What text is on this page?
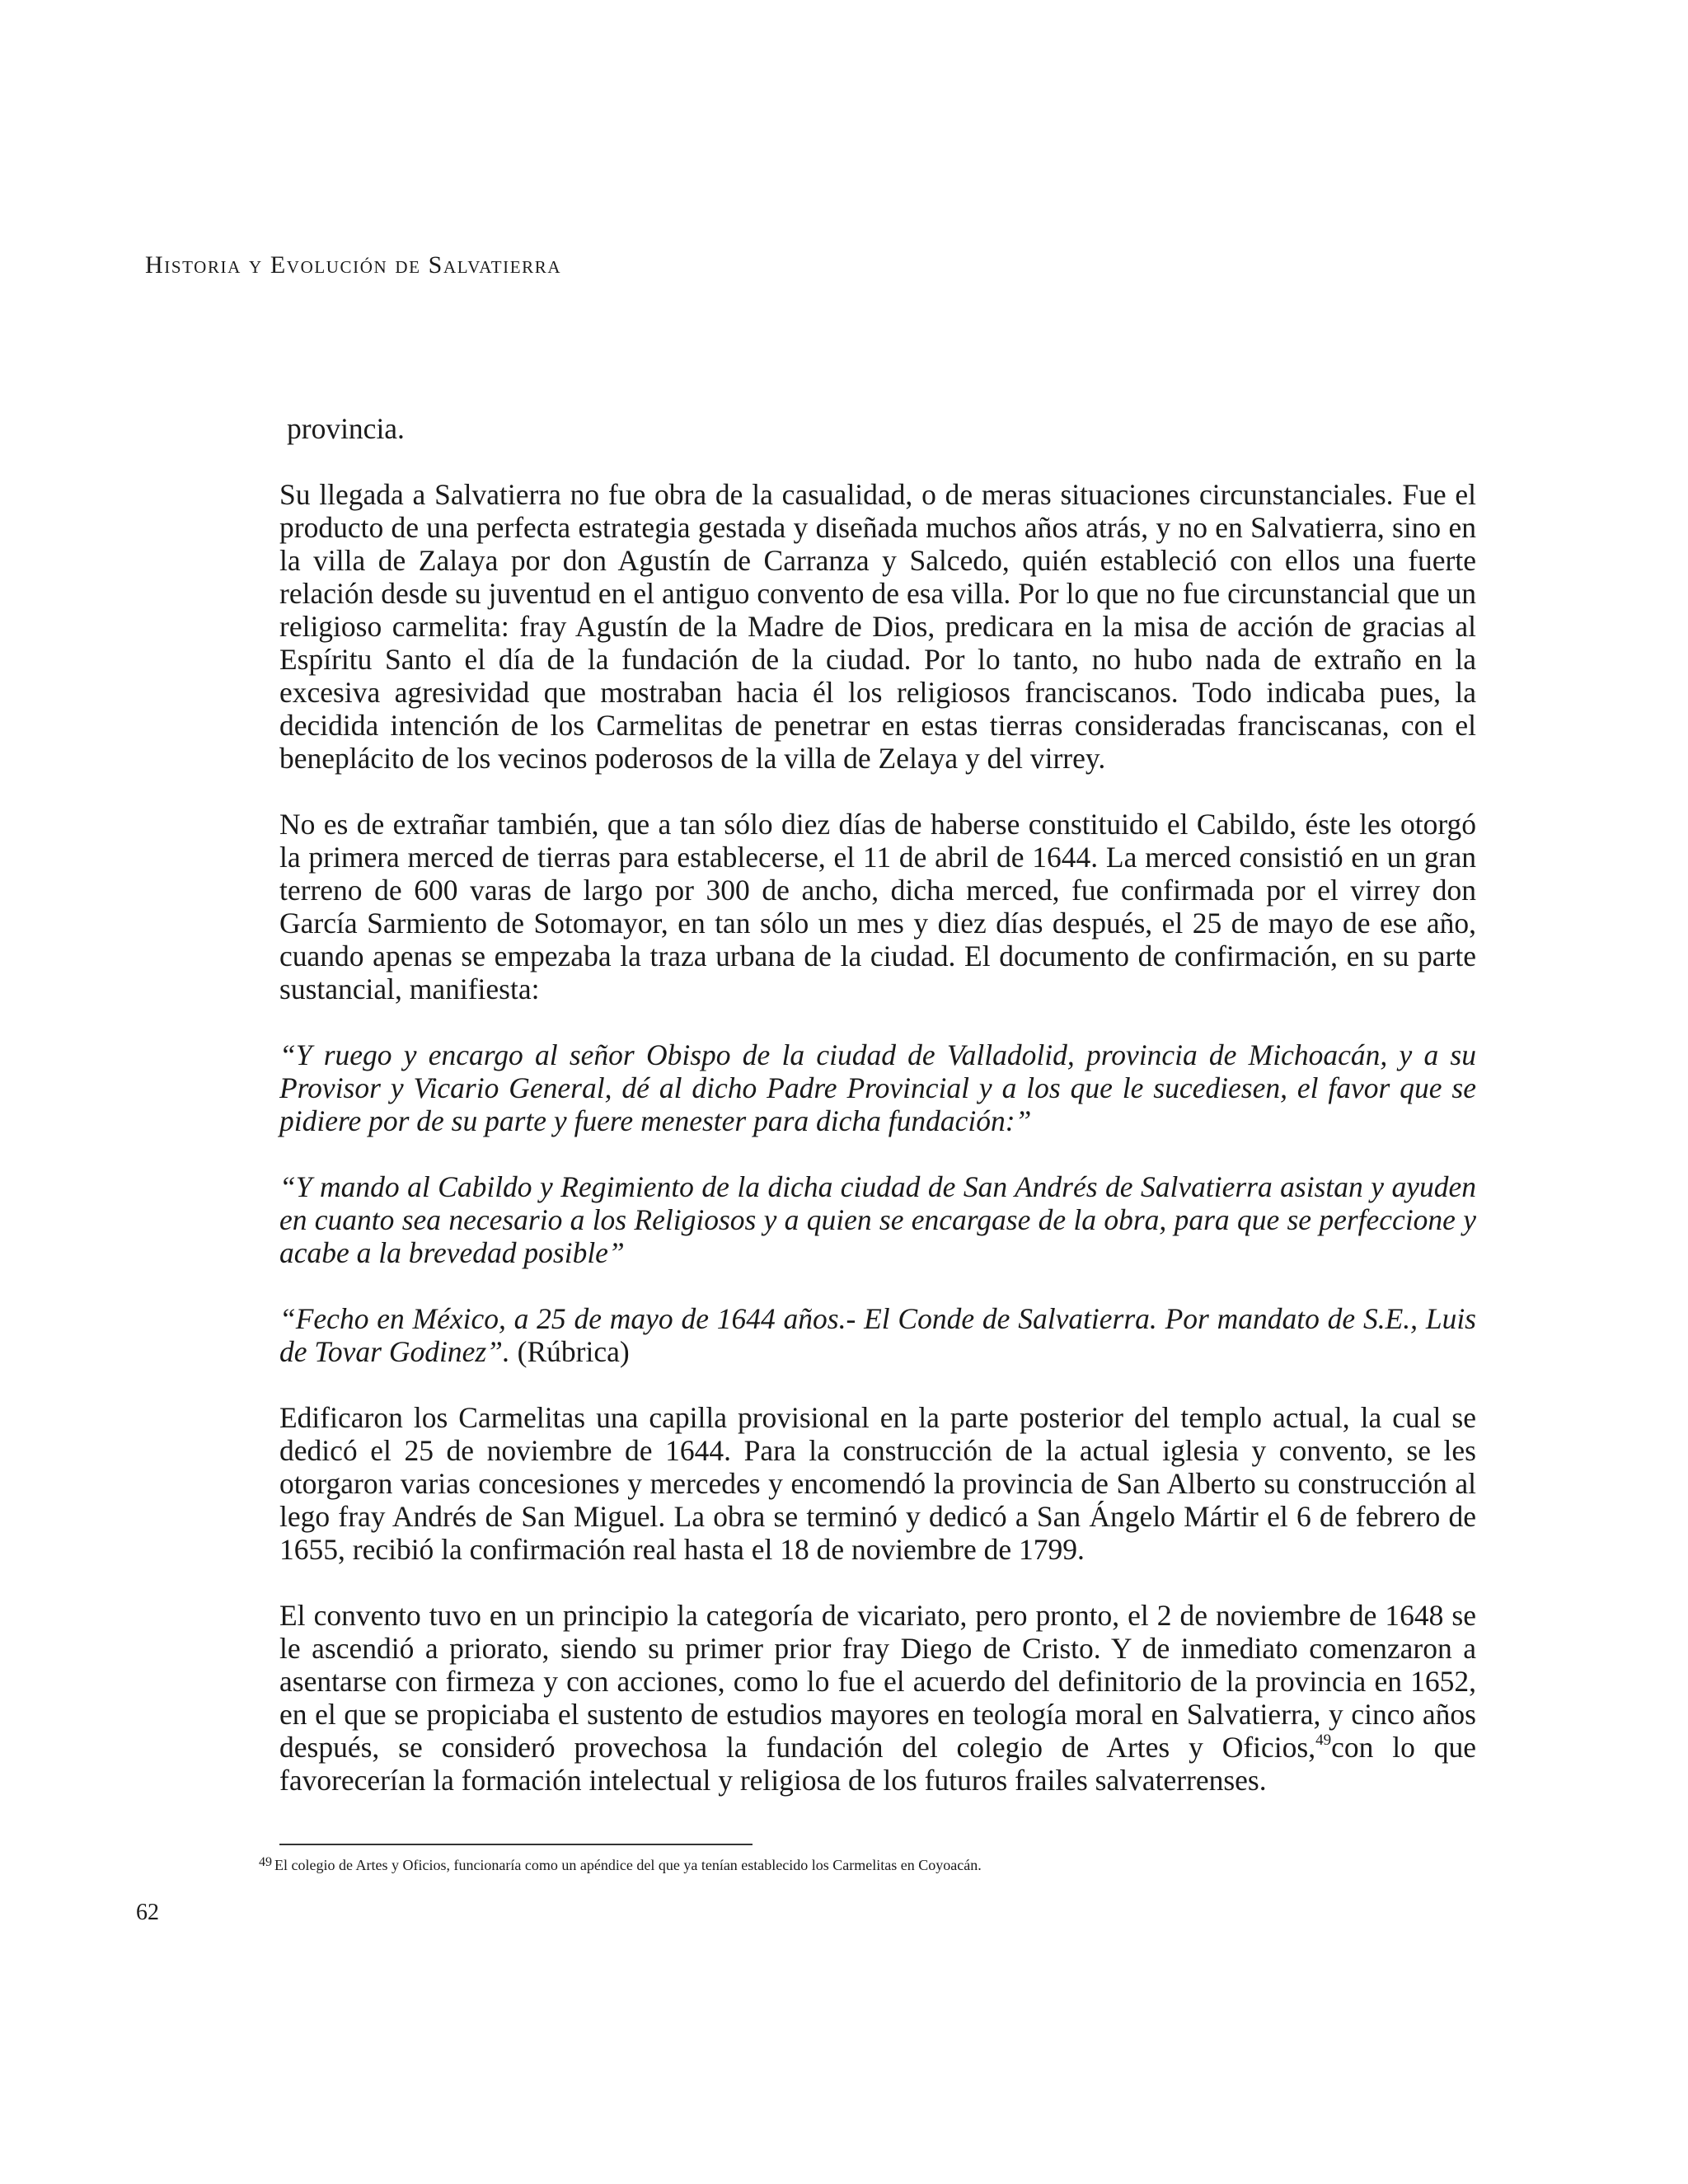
Historia y Evolución de Salvatierra

provincia.

Su llegada a Salvatierra no fue obra de la casualidad, o de meras situaciones circunstanciales. Fue el producto de una perfecta estrategia gestada y diseñada muchos años atrás, y no en Salvatierra, sino en la villa de Zalaya por don Agustín de Carranza y Salcedo, quién estableció con ellos una fuerte relación desde su juventud en el antiguo convento de esa villa. Por lo que no fue circunstancial que un religioso carmelita: fray Agustín de la Madre de Dios, predicara en la misa de acción de gracias al Espíritu Santo el día de la fundación de la ciudad. Por lo tanto, no hubo nada de extraño en la excesiva agresividad que mostraban hacia él los religiosos franciscanos. Todo indicaba pues, la decidida intención de los Carmelitas de penetrar en estas tierras consideradas franciscanas, con el beneplácito de los vecinos poderosos de la villa de Zelaya y del virrey.

No es de extrañar también, que a tan sólo diez días de haberse constituido el Cabildo, éste les otorgó la primera merced de tierras para establecerse, el 11 de abril de 1644. La merced consistió en un gran terreno de 600 varas de largo por 300 de ancho, dicha merced, fue confirmada por el virrey don García Sarmiento de Sotomayor, en tan sólo un mes y diez días después, el 25 de mayo de ese año, cuando apenas se empezaba la traza urbana de la ciudad. El documento de confirmación, en su parte sustancial, manifiesta:

“Y ruego y encargo al señor Obispo de la ciudad de Valladolid, provincia de Michoacán, y a su Provisor y Vicario General, dé al dicho Padre Provincial y a los que le sucediesen, el favor que se pidiere por de su parte y fuere menester para dicha fundación:”

“Y mando al Cabildo y Regimiento de la dicha ciudad de San Andrés de Salvatierra asistan y ayuden en cuanto sea necesario a los Religiosos y a quien se encargase de la obra, para que se perfeccione y acabe a la brevedad posible”

“Fecho en México, a 25 de mayo de 1644 años.- El Conde de Salvatierra. Por mandato de S.E., Luis de Tovar Godinez”. (Rúbrica)

Edificaron los Carmelitas una capilla provisional en la parte posterior del templo actual, la cual se dedicó el 25 de noviembre de 1644. Para la construcción de la actual iglesia y convento, se les otorgaron varias concesiones y mercedes y encomendó la provincia de San Alberto su construcción al lego fray Andrés de San Miguel. La obra se terminó y dedicó a San Ángelo Mártir el 6 de febrero de 1655, recibió la confirmación real hasta el 18 de noviembre de 1799.

El convento tuvo en un principio la categoría de vicariato, pero pronto, el 2 de noviembre de 1648 se le ascendió a priorato, siendo su primer prior fray Diego de Cristo. Y de inmediato comenzaron a asentarse con firmeza y con acciones, como lo fue el acuerdo del definitorio de la provincia en 1652, en el que se propiciaba el sustento de estudios mayores en teología moral en Salvatierra, y cinco años después, se consideró provechosa la fundación del colegio de Artes y Oficios,$^{49}$con lo que favorecerían la formación intelectual y religiosa de los futuros frailes salvaterrenses.

$^{49}$ El colegio de Artes y Oficios, funcionaría como un apéndice del que ya tenían establecido los Carmelitas en Coyoacán.
62
